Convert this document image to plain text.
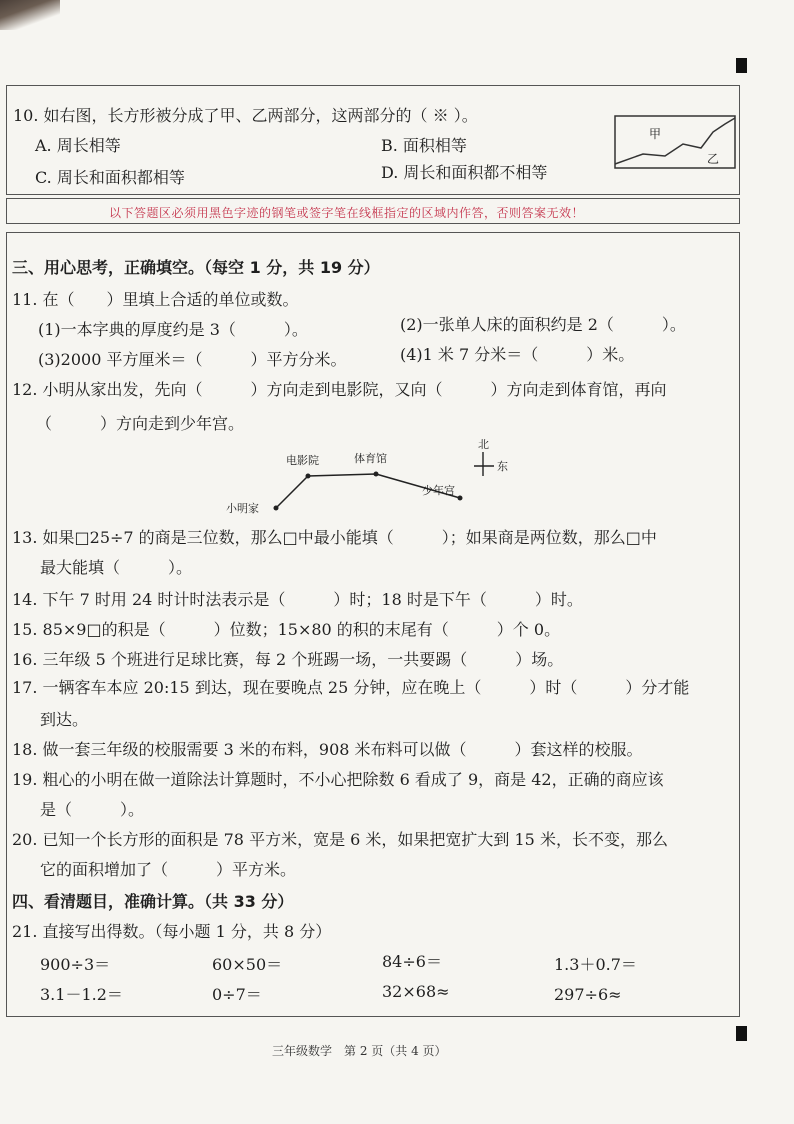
10. 如右图，长方形被分成了甲、乙两部分，这两部分的（ ※ ）。
A. 周长相等	B. 面积相等
C. 周长和面积都相等	D. 周长和面积都不相等
甲
乙
以下答题区必须用黑色字迹的钢笔或签字笔在线框指定的区域内作答，否则答案无效！
三、用心思考，正确填空。（每空 1 分，共 19 分）
11. 在（　　）里填上合适的单位或数。
(1)一本字典的厚度约是 3（　　　）。	(2)一张单人床的面积约是 2（　　　）。
(3)2000 平方厘米＝（　　　）平方分米。	(4)1 米 7 分米＝（　　　）米。
12. 小明从家出发，先向（　　　）方向走到电影院，又向（　　　）方向走到体育馆，再向
（　　　）方向走到少年宫。
小明家
电影院	体育馆
少年宫
北
东
13. 如果□25÷7 的商是三位数，那么□中最小能填（　　　）；如果商是两位数，那么□中
最大能填（　　　）。
14. 下午 7 时用 24 时计时法表示是（　　　）时；18 时是下午（　　　）时。
15. 85×9□的积是（　　　）位数；15×80 的积的末尾有（　　　）个 0。
16. 三年级 5 个班进行足球比赛，每 2 个班踢一场，一共要踢（　　　）场。
17. 一辆客车本应 20:15 到达，现在要晚点 25 分钟，应在晚上（　　　）时（　　　）分才能
到达。
18. 做一套三年级的校服需要 3 米的布料，908 米布料可以做（　　　）套这样的校服。
19. 粗心的小明在做一道除法计算题时，不小心把除数 6 看成了 9，商是 42，正确的商应该
是（　　　）。
20. 已知一个长方形的面积是 78 平方米，宽是 6 米，如果把宽扩大到 15 米，长不变，那么
它的面积增加了（　　　）平方米。
四、看清题目，准确计算。（共 33 分）
21. 直接写出得数。（每小题 1 分，共 8 分）
900÷3＝	60×50＝	84÷6＝	1.3＋0.7＝
3.1－1.2＝	0÷7＝	32×68≈	297÷6≈
三年级数学　第 2 页（共 4 页）
